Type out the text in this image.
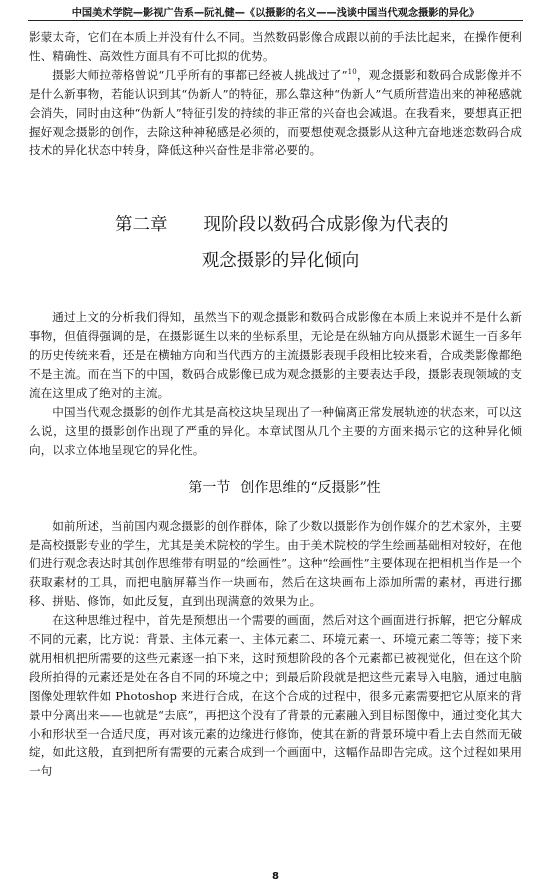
中国美术学院—影视广告系—阮礼健—《以摄影的名义——浅谈中国当代观念摄影的异化》

影蒙太奇，它们在本质上并没有什么不同。当然数码影像合成跟以前的手法比起来，在操作便利性、精确性、高效性方面具有不可比拟的优势。

摄影大师拉蒂格曾说“几乎所有的事都已经被人挑战过了”$^{10}$，观念摄影和数码合成影像并不是什么新事物，若能认识到其“伪新人”的特征，那么靠这种“伪新人”气质所营造出来的神秘感就会消失，同时由这种“伪新人”特征引发的持续的非正常的兴奋也会减退。在我看来，要想真正把握好观念摄影的创作，去除这种神秘感是必须的，而要想使观念摄影从这种亢奋地迷恋数码合成技术的异化状态中转身，降低这种兴奋性是非常必要的。

第二章 现阶段以数码合成影像为代表的
观念摄影的异化倾向

通过上文的分析我们得知，虽然当下的观念摄影和数码合成影像在本质上来说并不是什么新事物，但值得强调的是，在摄影诞生以来的坐标系里，无论是在纵轴方向从摄影术诞生一百多年的历史传统来看，还是在横轴方向和当代西方的主流摄影表现手段相比较来看，合成类影像都绝不是主流。而在当下的中国，数码合成影像已成为观念摄影的主要表达手段，摄影表现领域的支流在这里成了绝对的主流。

中国当代观念摄影的创作尤其是高校这块呈现出了一种偏离正常发展轨迹的状态来，可以这么说，这里的摄影创作出现了严重的异化。本章试图从几个主要的方面来揭示它的这种异化倾向，以求立体地呈现它的异化性。

第一节 创作思维的“反摄影”性

如前所述，当前国内观念摄影的创作群体，除了少数以摄影作为创作媒介的艺术家外，主要是高校摄影专业的学生，尤其是美术院校的学生。由于美术院校的学生绘画基础相对较好，在他们进行观念表达时其创作思维带有明显的“绘画性”。这种“绘画性”主要体现在把相机当作是一个获取素材的工具，而把电脑屏幕当作一块画布，然后在这块画布上添加所需的素材，再进行挪移、拼贴、修饰，如此反复，直到出现满意的效果为止。

在这种思维过程中，首先是预想出一个需要的画面，然后对这个画面进行拆解，把它分解成不同的元素，比方说：背景、主体元素一、主体元素二、环境元素一、环境元素二等等；接下来就用相机把所需要的这些元素逐一拍下来，这时预想阶段的各个元素都已被视觉化，但在这个阶段所拍得的元素还是处在各自不同的环境之中；到最后阶段就是把这些元素导入电脑，通过电脑图像处理软件如 Photoshop 来进行合成，在这个合成的过程中，很多元素需要把它从原来的背景中分离出来——也就是“去底”，再把这个没有了背景的元素融入到目标图像中，通过变化其大小和形状至一合适尺度，再对该元素的边缘进行修饰，使其在新的背景环境中看上去自然而无破绽，如此这般，直到把所有需要的元素合成到一个画面中，这幅作品即告完成。这个过程如果用一句

8
